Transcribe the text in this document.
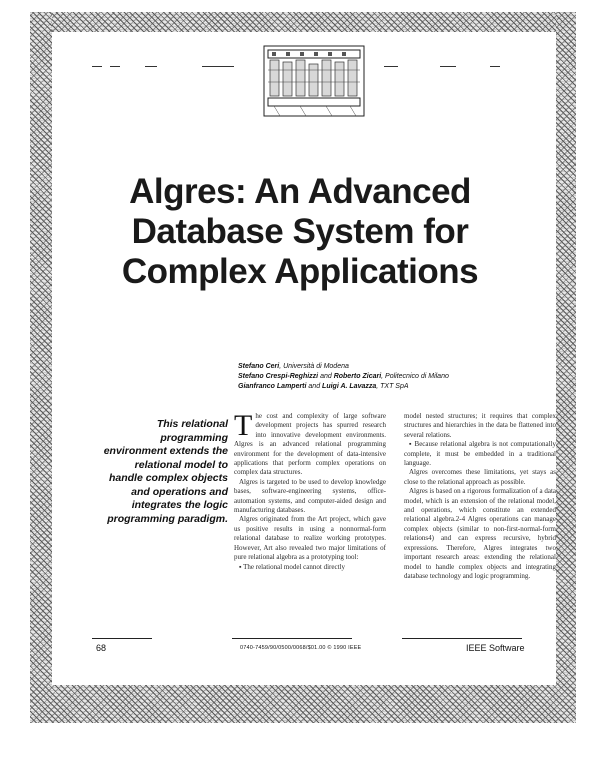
Algres: An Advanced
Database System for
Complex Applications
Stefano Ceri, Università di Modena
Stefano Crespi-Reghizzi and Roberto Zicari, Politecnico di Milano
Gianfranco Lamperti and Luigi A. Lavazza, TXT SpA
This relational programming environment extends the relational model to handle complex objects and operations and integrates the logic programming paradigm.

The cost and complexity of large software development projects has spurred research into innovative development environments. Algres is an advanced relational programming environment for the development of data-intensive applications that perform complex operations on complex data structures.

Algres is targeted to be used to develop knowledge bases, software-engineering systems, office-automation systems, and computer-aided design and manufacturing databases.

Algres originated from the Art project, which gave us positive results in using a nonnormal-form relational database to realize working prototypes. However, Art also revealed two major limitations of pure relational algebra as a prototyping tool:

▪ The relational model cannot directly

model nested structures; it requires that complex structures and hierarchies in the data be flattened into several relations.

▪ Because relational algebra is not computationally complete, it must be embedded in a traditional language.

Algres overcomes these limitations, yet stays as close to the relational approach as possible.

Algres is based on a rigorous formalization of a data model, which is an extension of the relational model, and operations, which constitute an extended relational algebra.2-4 Algres operations can manage complex objects (similar to non-first-normal-form relations4) and can express recursive, hybrid expressions. Therefore, Algres integrates two important research areas: extending the relational model to handle complex objects and integrating database technology and logic programming.

68	0740-7459/90/0500/0068/$01.00 © 1990 IEEE	IEEE Software
